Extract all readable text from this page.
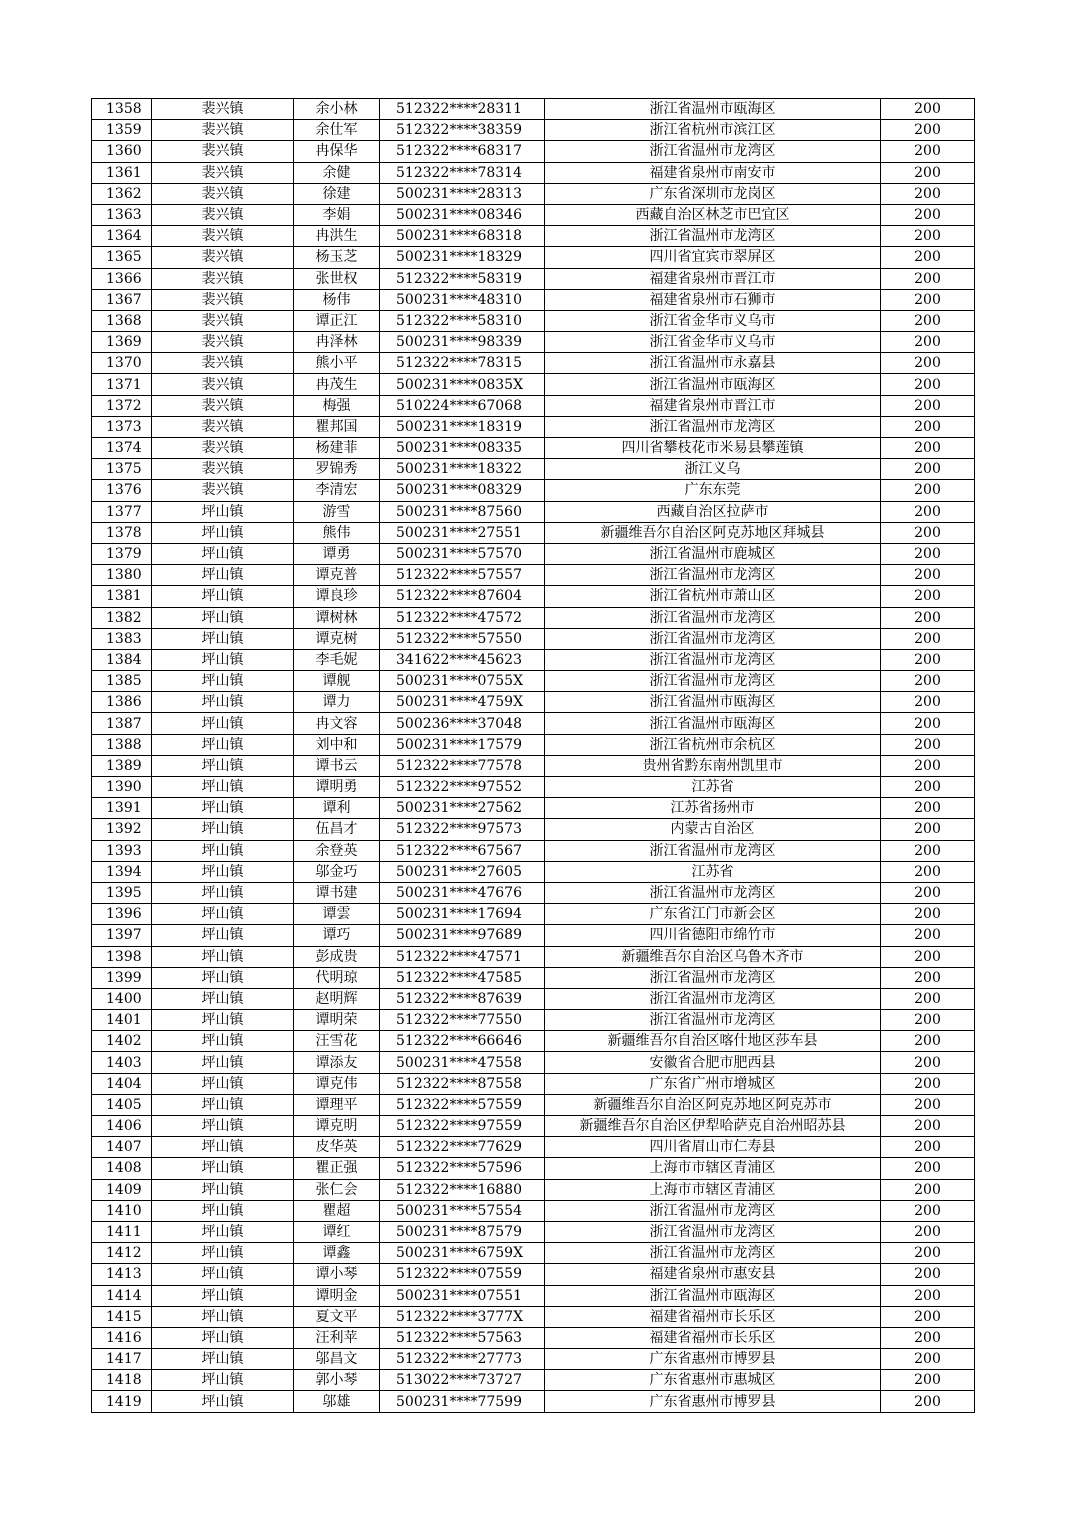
1358	裴兴镇	余小林	512322****28311	浙江省温州市瓯海区	200
1359	裴兴镇	余仕军	512322****38359	浙江省杭州市滨江区	200
1360	裴兴镇	冉保华	512322****68317	浙江省温州市龙湾区	200
1361	裴兴镇	余健	512322****78314	福建省泉州市南安市	200
1362	裴兴镇	徐建	500231****28313	广东省深圳市龙岗区	200
1363	裴兴镇	李娟	500231****08346	西藏自治区林芝市巴宜区	200
1364	裴兴镇	冉洪生	500231****68318	浙江省温州市龙湾区	200
1365	裴兴镇	杨玉芝	500231****18329	四川省宜宾市翠屏区	200
1366	裴兴镇	张世权	512322****58319	福建省泉州市晋江市	200
1367	裴兴镇	杨伟	500231****48310	福建省泉州市石狮市	200
1368	裴兴镇	谭正江	512322****58310	浙江省金华市义乌市	200
1369	裴兴镇	冉泽林	500231****98339	浙江省金华市义乌市	200
1370	裴兴镇	熊小平	512322****78315	浙江省温州市永嘉县	200
1371	裴兴镇	冉茂生	500231****0835X	浙江省温州市瓯海区	200
1372	裴兴镇	梅强	510224****67068	福建省泉州市晋江市	200
1373	裴兴镇	瞿邦国	500231****18319	浙江省温州市龙湾区	200
1374	裴兴镇	杨建菲	500231****08335	四川省攀枝花市米易县攀莲镇	200
1375	裴兴镇	罗锦秀	500231****18322	浙江义乌	200
1376	裴兴镇	李清宏	500231****08329	广东东莞	200
1377	坪山镇	游雪	500231****87560	西藏自治区拉萨市	200
1378	坪山镇	熊伟	500231****27551	新疆维吾尔自治区阿克苏地区拜城县	200
1379	坪山镇	谭勇	500231****57570	浙江省温州市鹿城区	200
1380	坪山镇	谭克普	512322****57557	浙江省温州市龙湾区	200
1381	坪山镇	谭良珍	512322****87604	浙江省杭州市萧山区	200
1382	坪山镇	谭树林	512322****47572	浙江省温州市龙湾区	200
1383	坪山镇	谭克树	512322****57550	浙江省温州市龙湾区	200
1384	坪山镇	李毛妮	341622****45623	浙江省温州市龙湾区	200
1385	坪山镇	谭舰	500231****0755X	浙江省温州市龙湾区	200
1386	坪山镇	谭力	500231****4759X	浙江省温州市瓯海区	200
1387	坪山镇	冉文容	500236****37048	浙江省温州市瓯海区	200
1388	坪山镇	刘中和	500231****17579	浙江省杭州市余杭区	200
1389	坪山镇	谭书云	512322****77578	贵州省黔东南州凯里市	200
1390	坪山镇	谭明勇	512322****97552	江苏省	200
1391	坪山镇	谭利	500231****27562	江苏省扬州市	200
1392	坪山镇	伍昌才	512322****97573	内蒙古自治区	200
1393	坪山镇	余登英	512322****67567	浙江省温州市龙湾区	200
1394	坪山镇	邬金巧	500231****27605	江苏省	200
1395	坪山镇	谭书建	500231****47676	浙江省温州市龙湾区	200
1396	坪山镇	谭雲	500231****17694	广东省江门市新会区	200
1397	坪山镇	谭巧	500231****97689	四川省德阳市绵竹市	200
1398	坪山镇	彭成贵	512322****47571	新疆维吾尔自治区乌鲁木齐市	200
1399	坪山镇	代明琼	512322****47585	浙江省温州市龙湾区	200
1400	坪山镇	赵明辉	512322****87639	浙江省温州市龙湾区	200
1401	坪山镇	谭明荣	512322****77550	浙江省温州市龙湾区	200
1402	坪山镇	汪雪花	512322****66646	新疆维吾尔自治区喀什地区莎车县	200
1403	坪山镇	谭添友	500231****47558	安徽省合肥市肥西县	200
1404	坪山镇	谭克伟	512322****87558	广东省广州市增城区	200
1405	坪山镇	谭理平	512322****57559	新疆维吾尔自治区阿克苏地区阿克苏市	200
1406	坪山镇	谭克明	512322****97559	新疆维吾尔自治区伊犁哈萨克自治州昭苏县	200
1407	坪山镇	皮华英	512322****77629	四川省眉山市仁寿县	200
1408	坪山镇	瞿正强	512322****57596	上海市市辖区青浦区	200
1409	坪山镇	张仁会	512322****16880	上海市市辖区青浦区	200
1410	坪山镇	瞿超	500231****57554	浙江省温州市龙湾区	200
1411	坪山镇	谭红	500231****87579	浙江省温州市龙湾区	200
1412	坪山镇	谭鑫	500231****6759X	浙江省温州市龙湾区	200
1413	坪山镇	谭小琴	512322****07559	福建省泉州市惠安县	200
1414	坪山镇	谭明金	500231****07551	浙江省温州市瓯海区	200
1415	坪山镇	夏文平	512322****3777X	福建省福州市长乐区	200
1416	坪山镇	汪利苹	512322****57563	福建省福州市长乐区	200
1417	坪山镇	邬昌文	512322****27773	广东省惠州市博罗县	200
1418	坪山镇	郭小琴	513022****73727	广东省惠州市惠城区	200
1419	坪山镇	邬雄	500231****77599	广东省惠州市博罗县	200
